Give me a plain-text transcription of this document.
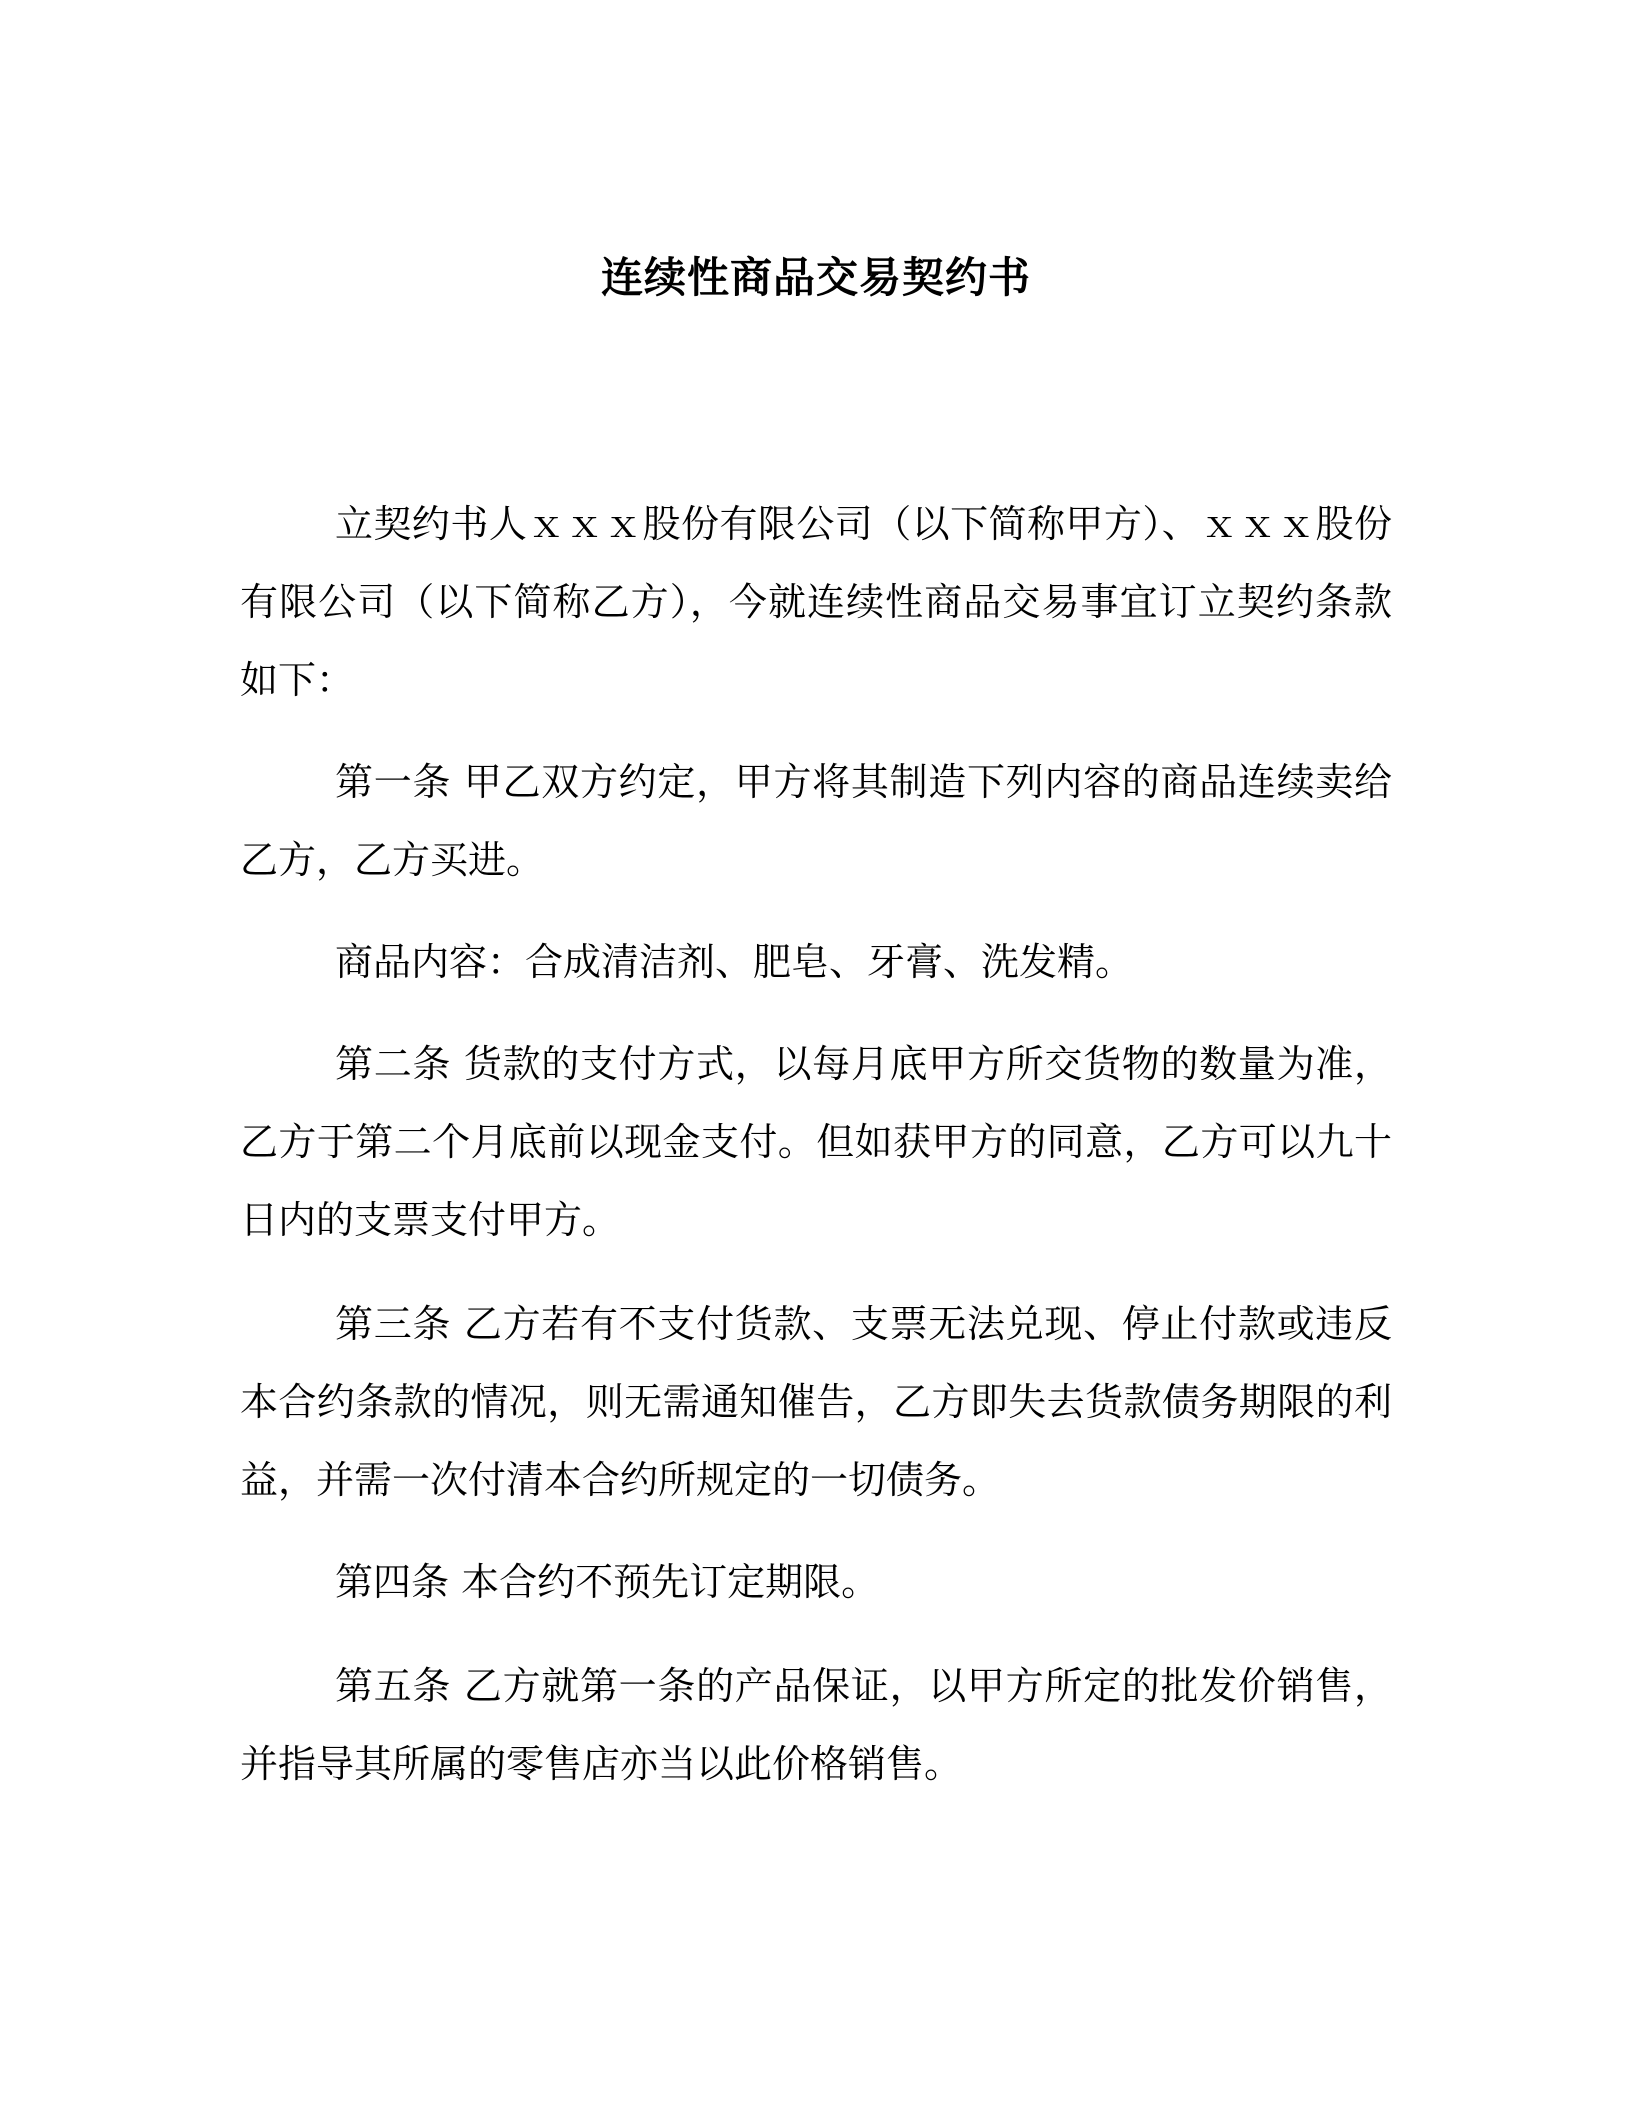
连续性商品交易契约书

立契约书人ｘｘｘ股份有限公司（以下简称甲方）、ｘｘｘ股份有限公司（以下简称乙方），今就连续性商品交易事宜订立契约条款如下：

第一条 甲乙双方约定，甲方将其制造下列内容的商品连续卖给乙方，乙方买进。

商品内容：合成清洁剂、肥皂、牙膏、洗发精。

第二条 货款的支付方式，以每月底甲方所交货物的数量为准，乙方于第二个月底前以现金支付。但如获甲方的同意，乙方可以九十日内的支票支付甲方。

第三条 乙方若有不支付货款、支票无法兑现、停止付款或违反本合约条款的情况，则无需通知催告，乙方即失去货款债务期限的利益，并需一次付清本合约所规定的一切债务。

第四条 本合约不预先订定期限。

第五条 乙方就第一条的产品保证，以甲方所定的批发价销售，并指导其所属的零售店亦当以此价格销售。
